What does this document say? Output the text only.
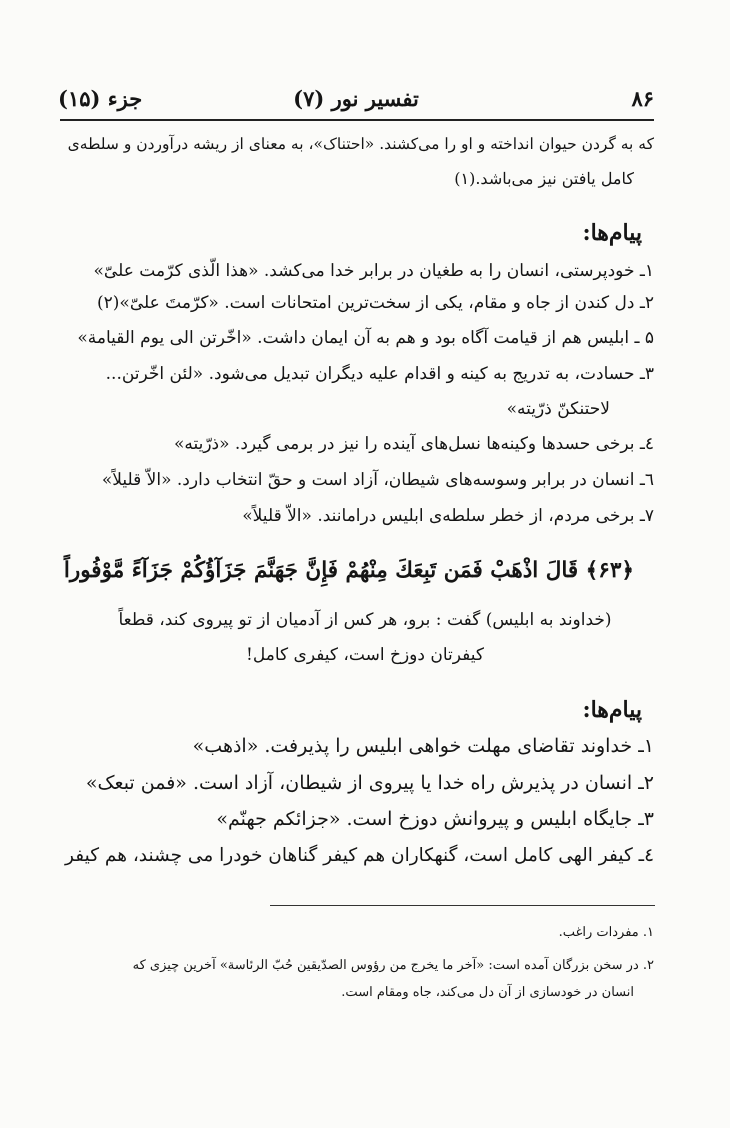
۸۶
تفسیر نور (۷)
جزء (۱۵)
که به گردن حیوان انداخته و او را می‌کشند. «احتناک»، به معنای از ریشه درآوردن و سلطه‌ی
کامل یافتن نیز می‌باشد.(۱)
پیام‌ها:
۱ـ خودپرستی، انسان را به طغیان در برابر خدا می‌کشد. «هذا الّذی کرّمت علیّ»
۲ـ دل کندن از جاه و مقام، یکی از سخت‌ترین امتحانات است. «کرّمتَ علیّ»(۲)
۵ ـ ابلیس هم از قیامت آگاه بود و هم به آن ایمان داشت. «اخّرتن الی یوم القیامة»
۳ـ حسادت، به تدریج به کینه و اقدام علیه دیگران تبدیل می‌شود. «لئن اخّرتن...
لاحتنکنّ ذرّیته»
٤ـ برخی حسدها وکینه‌ها نسل‌های آینده را نیز در برمی گیرد. «ذرّیته»
٦ـ انسان در برابر وسوسه‌های شیطان، آزاد است و حقّ انتخاب دارد. «الاّ قلیلاً»
۷ـ برخی مردم، از خطر سلطه‌ی ابلیس درامانند. «الاّ قلیلاً»
﴿۶۳﴾ قَالَ اذْهَبْ فَمَن تَبِعَكَ مِنْهُمْ فَإِنَّ جَهَنَّمَ جَزَآؤُكُمْ جَزَآءً مَّوْفُوراً
(خداوند به ابلیس) گفت : برو، هر کس از آدمیان از تو پیروی کند، قطعاً
کیفرتان دوزخ است، کیفری کامل!
پیام‌ها:
۱ـ خداوند تقاضای مهلت خواهی ابلیس را پذیرفت. «اذهب»
۲ـ انسان در پذیرش راه خدا یا پیروی از شیطان، آزاد است. «فمن تبعک»
۳ـ جایگاه ابلیس و پیروانش دوزخ است. «جزائکم جهنّم»
٤ـ کیفر الهی کامل است، گنهکاران هم کیفر گناهان خودرا می چشند، هم کیفر
۱. مفردات راغب.
۲. در سخن بزرگان آمده است: «آخر ما یخرج من رؤوس الصدّیقین حُبّ الرئاسة» آخرین چیزی که
انسان در خودسازی از آن دل می‌کند، جاه ومقام است.
